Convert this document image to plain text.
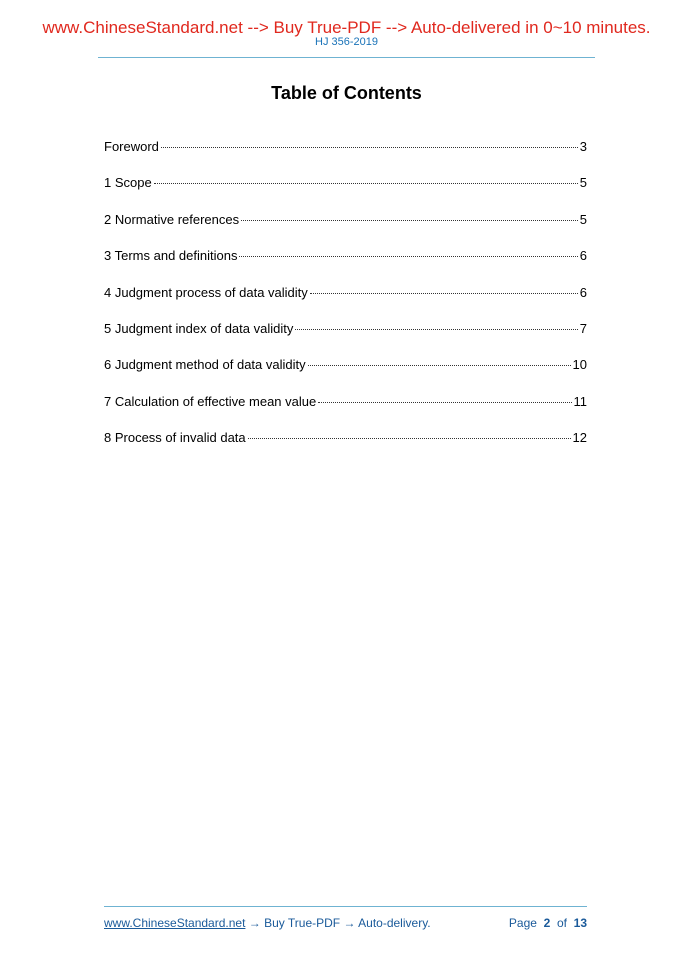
www.ChineseStandard.net --> Buy True-PDF --> Auto-delivered in 0~10 minutes.
HJ 356-2019
Table of Contents
Foreword	3
1 Scope	5
2 Normative references	5
3 Terms and definitions	6
4 Judgment process of data validity	6
5 Judgment index of data validity	7
6 Judgment method of data validity	10
7 Calculation of effective mean value	11
8 Process of invalid data	12
www.ChineseStandard.net → Buy True-PDF → Auto-delivery.	Page 2 of 13
